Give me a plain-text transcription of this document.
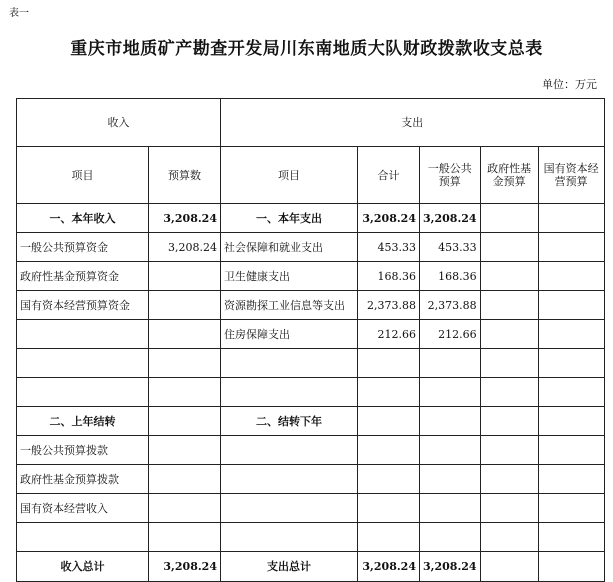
表一
重庆市地质矿产勘查开发局川东南地质大队财政拨款收支总表
单位：万元
收入		支出				
项目	预算数	项目	合计	一般公共预算	政府性基金预算	国有资本经营预算
一、本年收入	3,208.24	一、本年支出	3,208.24	3,208.24		
一般公共预算资金	3,208.24	社会保障和就业支出	453.33	453.33		
政府性基金预算资金		卫生健康支出	168.36	168.36		
国有资本经营预算资金		资源勘探工业信息等支出	2,373.88	2,373.88		
		住房保障支出	212.66	212.66		

二、上年结转		二、结转下年				
一般公共预算拨款						
政府性基金预算拨款						
国有资本经营收入						

收入总计	3,208.24	支出总计	3,208.24	3,208.24		
